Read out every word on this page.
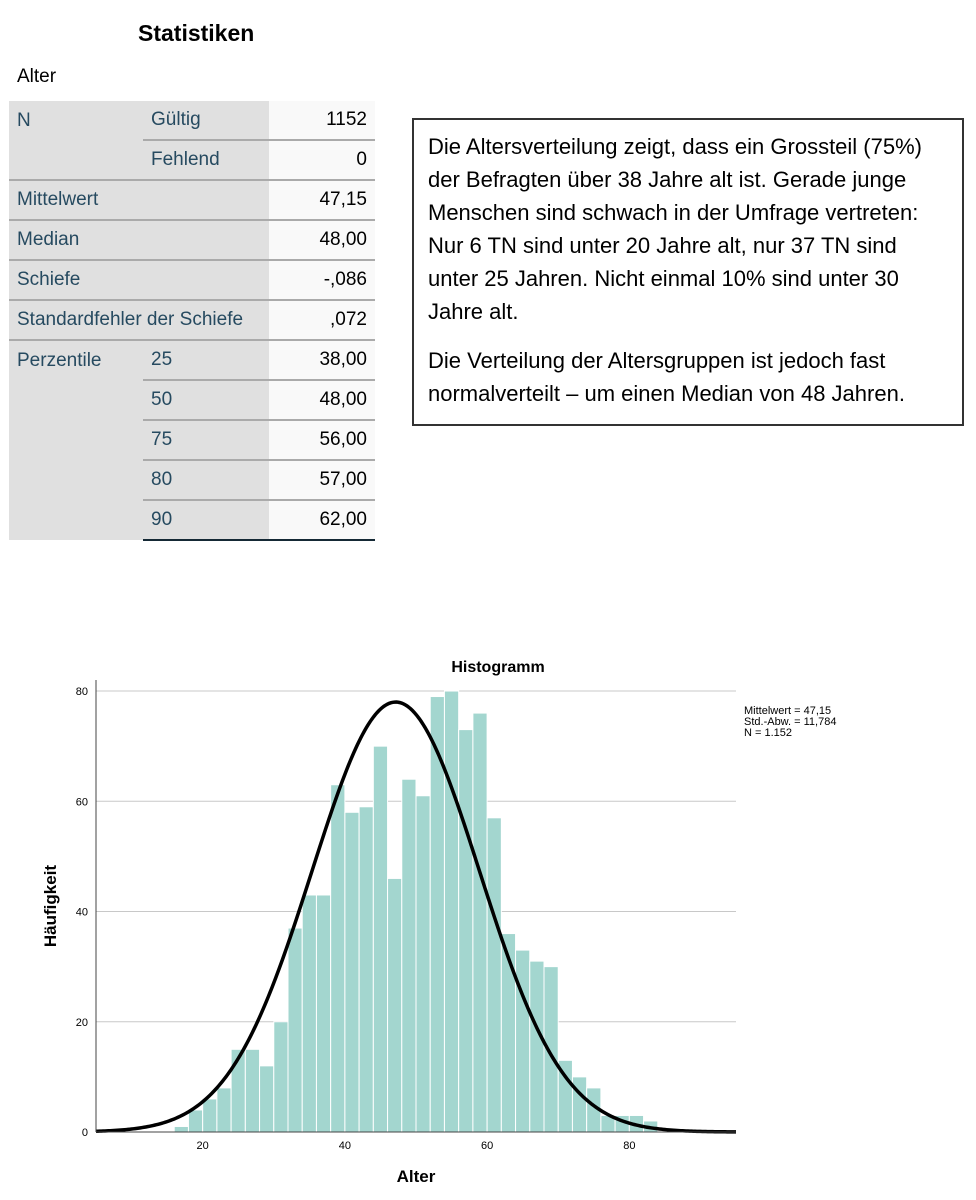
Statistiken
Alter
N	Gültig	1152
	Fehlend	0
Mittelwert		47,15
Median		48,00
Schiefe		-,086
Standardfehler der Schiefe		,072
Perzentile	25	38,00
	50	48,00
	75	56,00
	80	57,00
	90	62,00

Die Altersverteilung zeigt, dass ein Grossteil (75%) der Befragten über 38 Jahre alt ist. Gerade junge Menschen sind schwach in der Umfrage vertreten: Nur 6 TN sind unter 20 Jahre alt, nur 37 TN sind unter 25 Jahren. Nicht einmal 10% sind unter 30 Jahre alt.

Die Verteilung der Altersgruppen ist jedoch fast normalverteilt – um einen Median von 48 Jahren.

Histogramm
0
20
40
60
80
20	40	60	80
Alter
Häufigkeit
Mittelwert = 47,15
Std.-Abw. = 11,784
N = 1.152
